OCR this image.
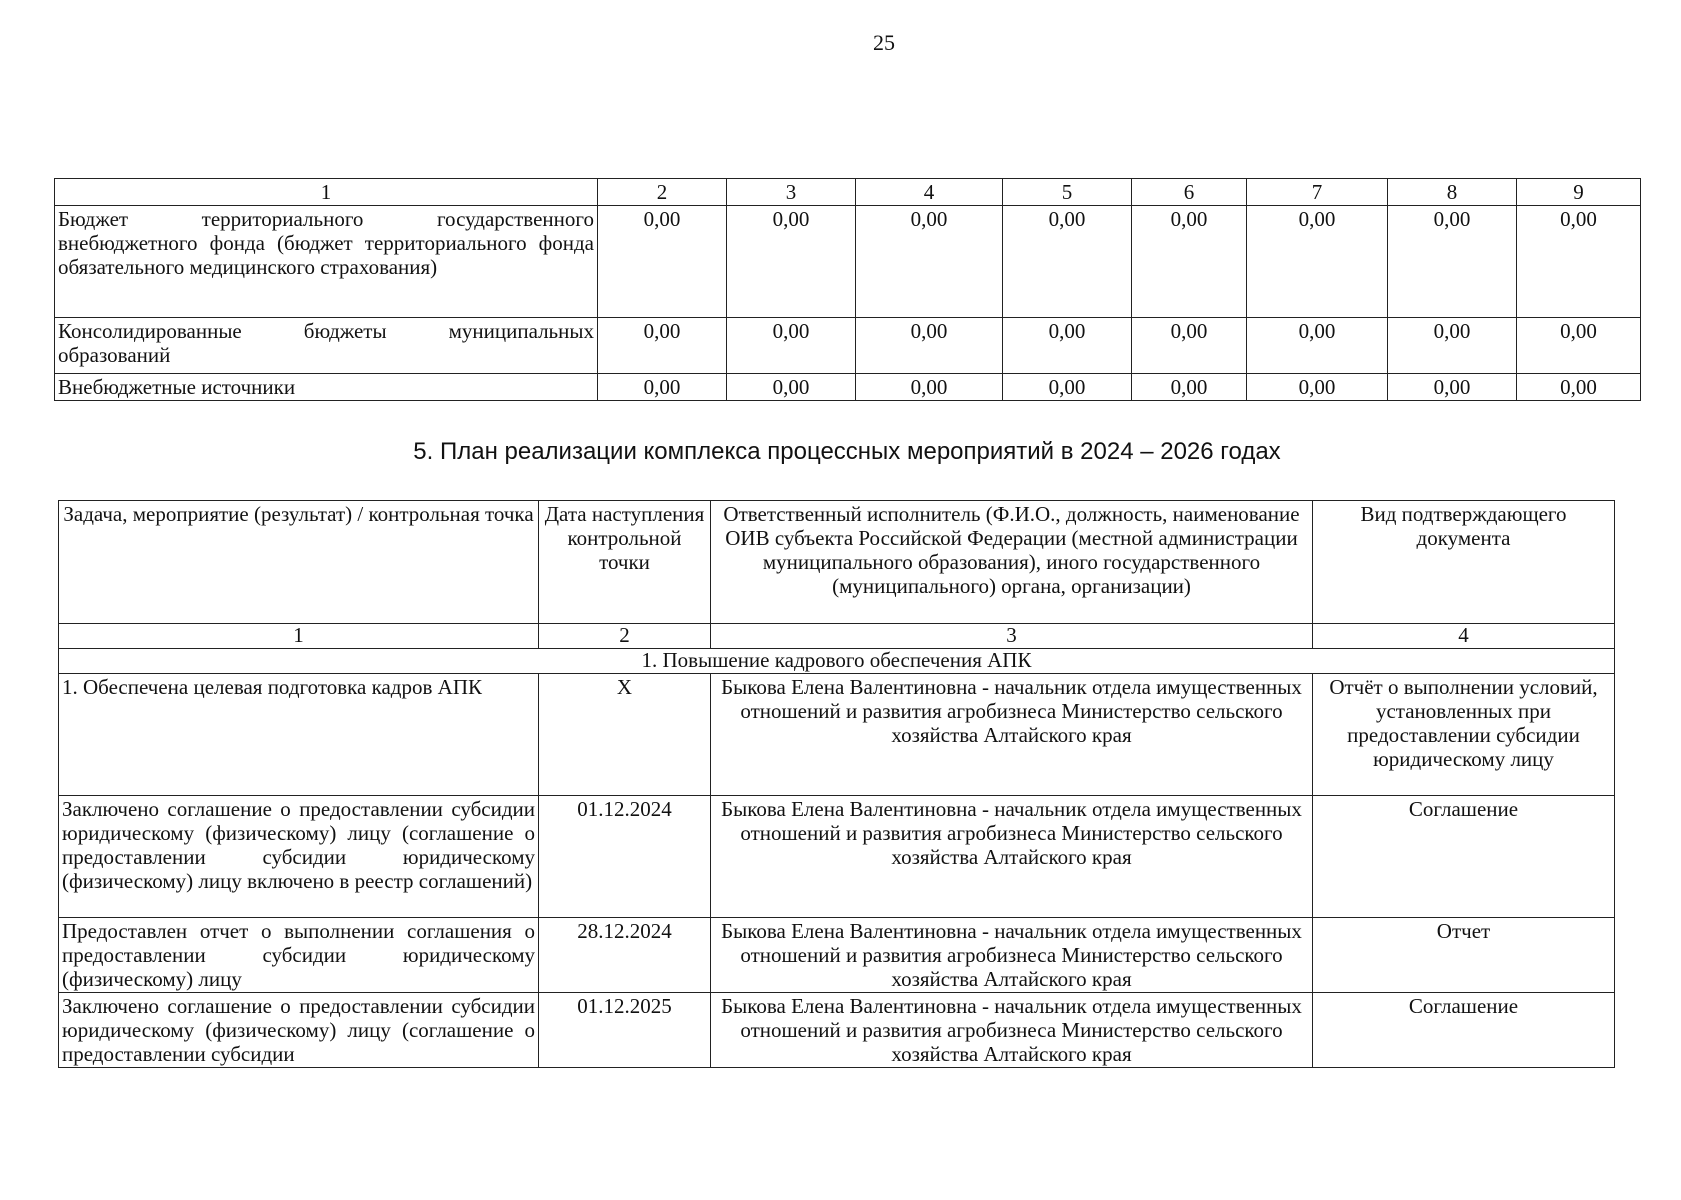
25
1	2	3	4	5	6	7	8	9
Бюджет территориального государственного внебюджетного фонда (бюджет территориального фонда обязательного медицинского страхования)	0,00	0,00	0,00	0,00	0,00	0,00	0,00	0,00
Консолидированные бюджеты муниципальных образований	0,00	0,00	0,00	0,00	0,00	0,00	0,00	0,00
Внебюджетные источники	0,00	0,00	0,00	0,00	0,00	0,00	0,00	0,00
5. План реализации комплекса процессных мероприятий в 2024 – 2026 годах
Задача, мероприятие (результат) / контрольная точка	Дата наступления контрольной точки	Ответственный исполнитель (Ф.И.О., должность, наименование ОИВ субъекта Российской Федерации (местной администрации муниципального образования), иного государственного (муниципального) органа, организации)	Вид подтверждающего документа
1	2	3	4
1. Повышение кадрового обеспечения АПК			
1. Обеспечена целевая подготовка кадров АПК	X	Быкова Елена Валентиновна - начальник отдела имущественных отношений и развития агробизнеса Министерство сельского хозяйства Алтайского края	Отчёт о выполнении условий, установленных при предоставлении субсидии юридическому лицу
Заключено соглашение о предоставлении субсидии юридическому (физическому) лицу (соглашение о предоставлении субсидии юридическому (физическому) лицу включено в реестр соглашений)	01.12.2024	Быкова Елена Валентиновна - начальник отдела имущественных отношений и развития агробизнеса Министерство сельского хозяйства Алтайского края	Соглашение
Предоставлен отчет о выполнении соглашения о предоставлении субсидии юридическому (физическому) лицу	28.12.2024	Быкова Елена Валентиновна - начальник отдела имущественных отношений и развития агробизнеса Министерство сельского хозяйства Алтайского края	Отчет
Заключено соглашение о предоставлении субсидии юридическому (физическому) лицу (соглашение о предоставлении субсидии	01.12.2025	Быкова Елена Валентиновна - начальник отдела имущественных отношений и развития агробизнеса Министерство сельского хозяйства Алтайского края	Соглашение
